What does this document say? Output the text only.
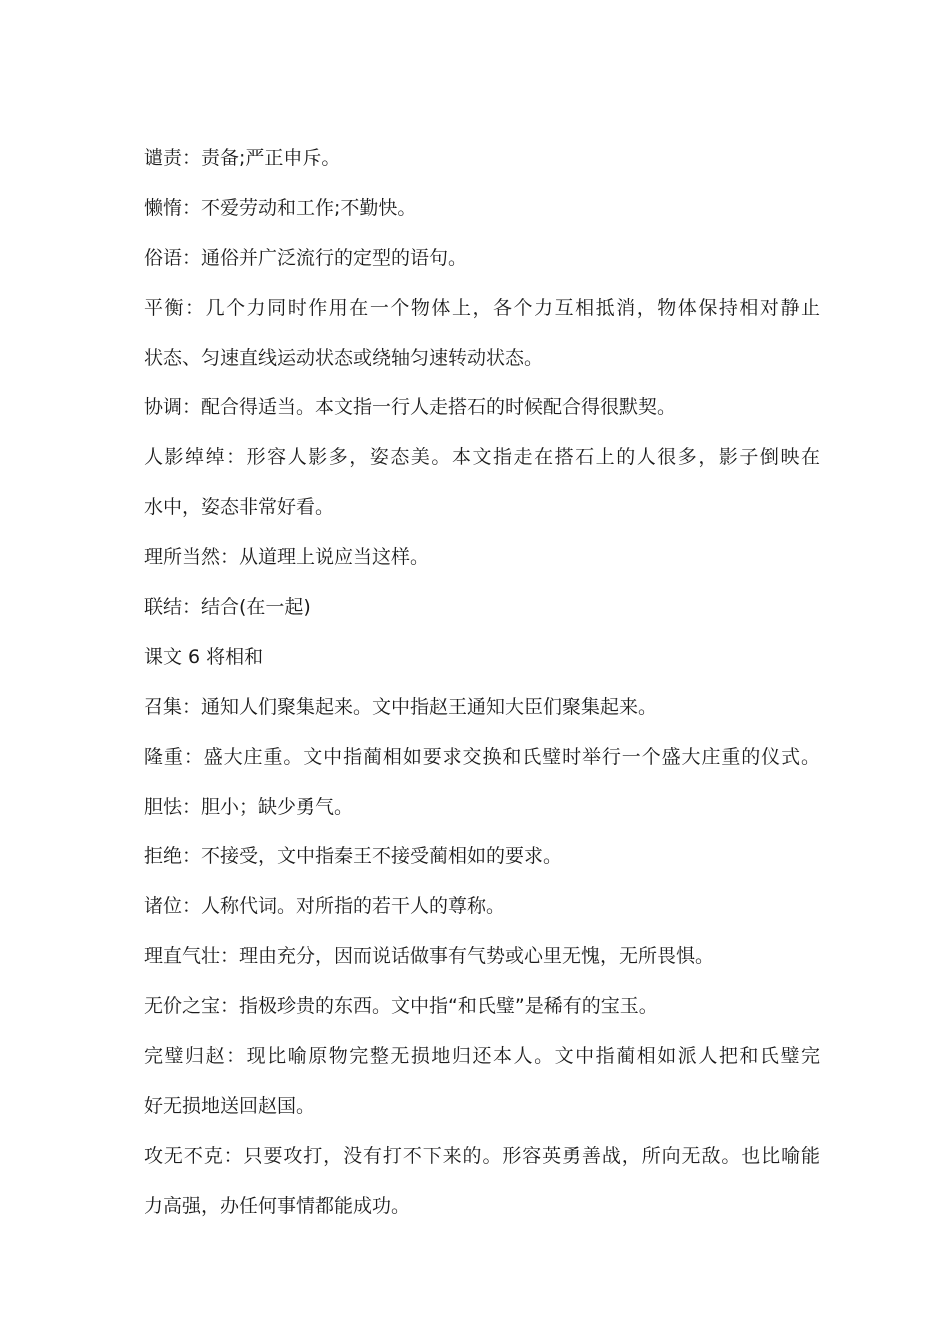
谴责：责备;严正申斥。
懒惰：不爱劳动和工作;不勤快。
俗语：通俗并广泛流行的定型的语句。
平衡：几个力同时作用在一个物体上，各个力互相抵消，物体保持相对静止
状态、匀速直线运动状态或绕轴匀速转动状态。
协调：配合得适当。本文指一行人走搭石的时候配合得很默契。
人影绰绰：形容人影多，姿态美。本文指走在搭石上的人很多，影子倒映在
水中，姿态非常好看。
理所当然：从道理上说应当这样。
联结：结合(在一起)
课文 6 将相和
召集：通知人们聚集起来。文中指赵王通知大臣们聚集起来。
隆重：盛大庄重。文中指蔺相如要求交换和氏璧时举行一个盛大庄重的仪式。
胆怯：胆小；缺少勇气。
拒绝：不接受，文中指秦王不接受蔺相如的要求。
诸位：人称代词。对所指的若干人的尊称。
理直气壮：理由充分，因而说话做事有气势或心里无愧，无所畏惧。
无价之宝：指极珍贵的东西。文中指“和氏璧”是稀有的宝玉。
完璧归赵：现比喻原物完整无损地归还本人。文中指蔺相如派人把和氏璧完
好无损地送回赵国。
攻无不克：只要攻打，没有打不下来的。形容英勇善战，所向无敌。也比喻能
力高强，办任何事情都能成功。
